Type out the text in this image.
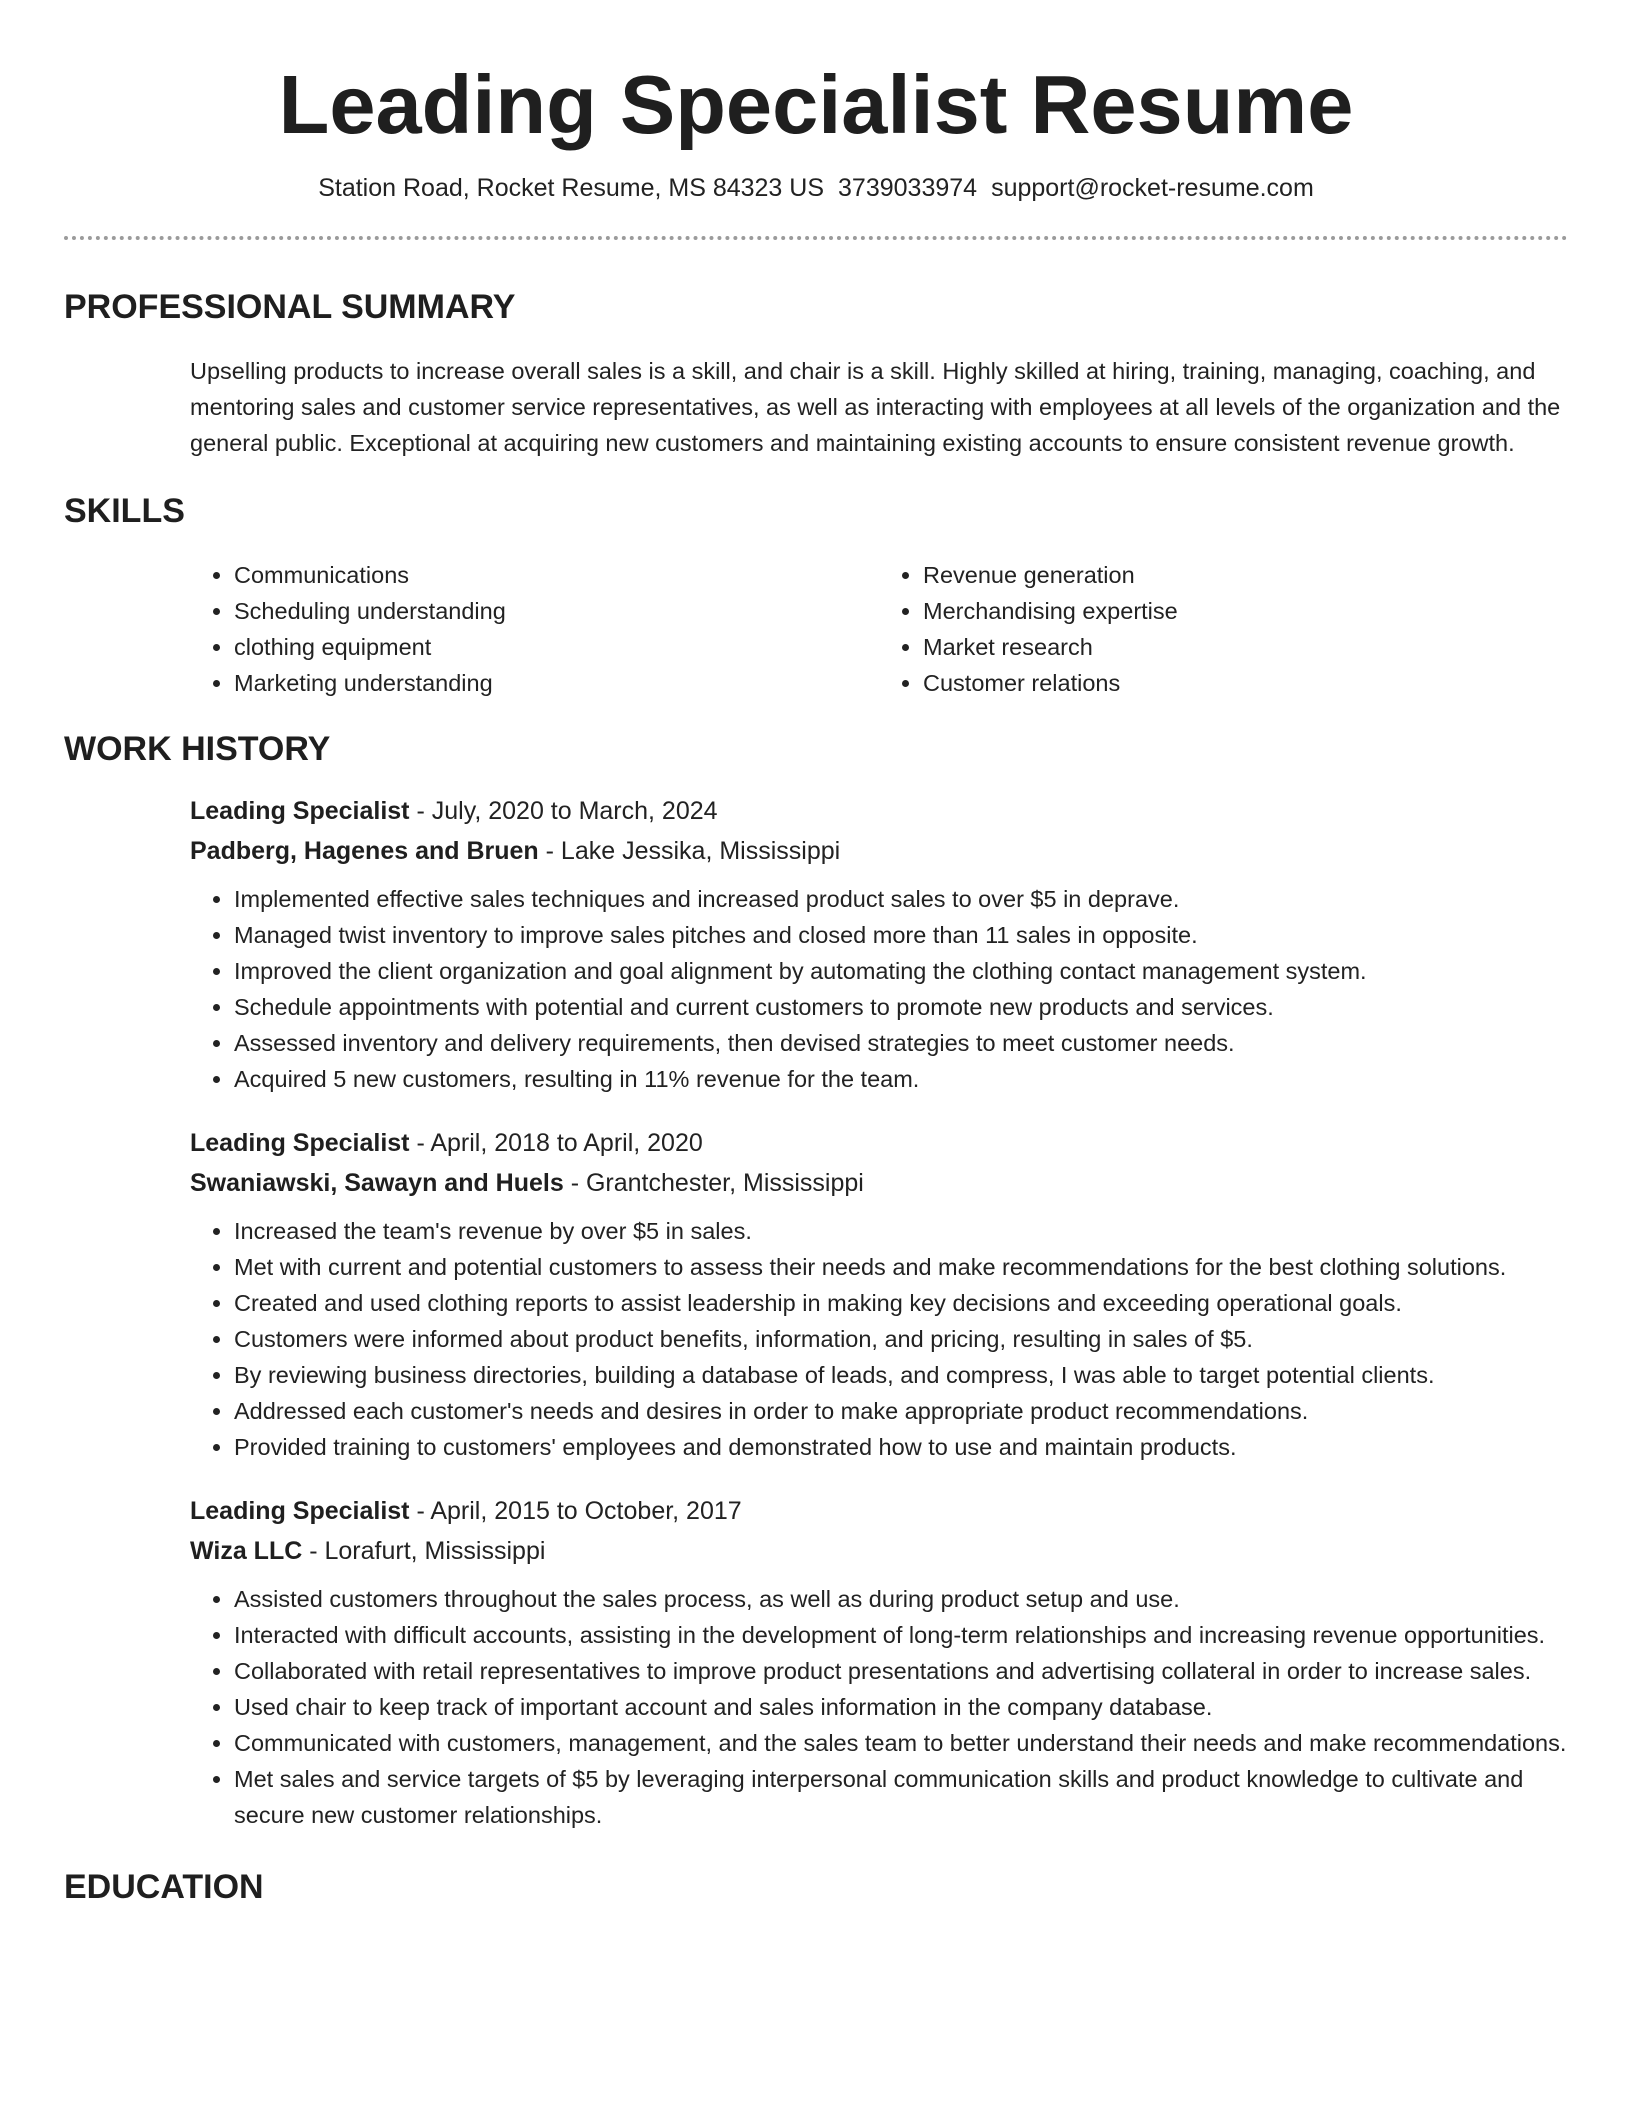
Leading Specialist Resume
Station Road, Rocket Resume, MS 84323 US 3739033974 support@rocket-resume.com
PROFESSIONAL SUMMARY

Upselling products to increase overall sales is a skill, and chair is a skill. Highly skilled at hiring, training, managing, coaching, and mentoring sales and customer service representatives, as well as interacting with employees at all levels of the organization and the general public. Exceptional at acquiring new customers and maintaining existing accounts to ensure consistent revenue growth.

SKILLS
• Communications
• Scheduling understanding
• clothing equipment
• Marketing understanding
• Revenue generation
• Merchandising expertise
• Market research
• Customer relations
WORK HISTORY
Leading Specialist - July, 2020 to March, 2024
Padberg, Hagenes and Bruen - Lake Jessika, Mississippi
• Implemented effective sales techniques and increased product sales to over $5 in deprave.
• Managed twist inventory to improve sales pitches and closed more than 11 sales in opposite.
• Improved the client organization and goal alignment by automating the clothing contact management system.
• Schedule appointments with potential and current customers to promote new products and services.
• Assessed inventory and delivery requirements, then devised strategies to meet customer needs.
• Acquired 5 new customers, resulting in 11% revenue for the team.
Leading Specialist - April, 2018 to April, 2020
Swaniawski, Sawayn and Huels - Grantchester, Mississippi
• Increased the team's revenue by over $5 in sales.
• Met with current and potential customers to assess their needs and make recommendations for the best clothing solutions.
• Created and used clothing reports to assist leadership in making key decisions and exceeding operational goals.
• Customers were informed about product benefits, information, and pricing, resulting in sales of $5.
• By reviewing business directories, building a database of leads, and compress, I was able to target potential clients.
• Addressed each customer's needs and desires in order to make appropriate product recommendations.
• Provided training to customers' employees and demonstrated how to use and maintain products.
Leading Specialist - April, 2015 to October, 2017
Wiza LLC - Lorafurt, Mississippi
• Assisted customers throughout the sales process, as well as during product setup and use.
• Interacted with difficult accounts, assisting in the development of long-term relationships and increasing revenue opportunities.
• Collaborated with retail representatives to improve product presentations and advertising collateral in order to increase sales.
• Used chair to keep track of important account and sales information in the company database.
• Communicated with customers, management, and the sales team to better understand their needs and make recommendations.
• Met sales and service targets of $5 by leveraging interpersonal communication skills and product knowledge to cultivate and secure new customer relationships.
EDUCATION
